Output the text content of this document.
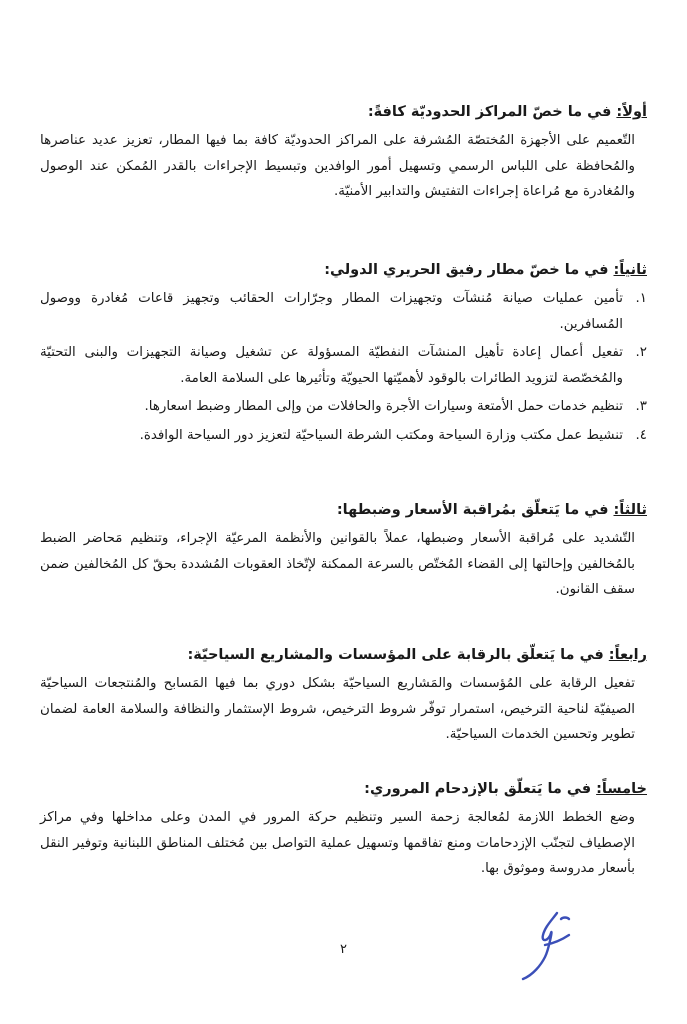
أولاً: في ما خصّ المراكز الحدوديّة كافةً:

التّعميم على الأجهزة المُختصّة المُشرفة على المراكز الحدوديّة كافة بما فيها المطار، تعزيز عديد عناصرها والمُحافظة على اللباس الرسمي وتسهيل أمور الوافدين وتبسيط الإجراءات بالقدر المُمكن عند الوصول والمُغادرة مع مُراعاة إجراءات التفتيش والتدابير الأمنيّة.

ثانياً: في ما خصّ مطار رفيق الحريري الدولي:
١.
تأمين عمليات صيانة مُنشآت وتجهيزات المطار وجرّارات الحقائب وتجهيز قاعات مُغادرة ووصول المُسافرين.
٢.
تفعيل أعمال إعادة تأهيل المنشآت النفطيّة المسؤولة عن تشغيل وصيانة التجهيزات والبنى التحتيّة والمُخصّصة لتزويد الطائرات بالوقود لأهميّتها الحيويّة وتأثيرها على السلامة العامة.
٣.
تنظيم خدمات حمل الأمتعة وسيارات الأجرة والحافلات من وإلى المطار وضبط اسعارها.
٤.
تنشيط عمل مكتب وزارة السياحة ومكتب الشرطة السياحيّة لتعزيز دور السياحة الوافدة.
ثالثاً: في ما يَتعلّق بمُراقبة الأسعار وضبطها:

التّشديد على مُراقبة الأسعار وضبطها، عملاً بالقوانين والأنظمة المرعيّة الإجراء، وتنظيم مَحاضر الضبط بالمُخالفين وإحالتها إلى القضاء المُختّص بالسرعة الممكنة لإتّخاذ العقوبات المُشددة بحقّ كل المُخالفين ضمن سقف القانون.

رابعاً: في ما يَتعلّق بالرقابة على المؤسسات والمشاريع السياحيّة:

تفعيل الرقابة على المُؤسسات والمَشاريع السياحيّة بشكل دوري بما فيها المَسابح والمُنتجعات السياحيّة الصيفيّة لناحية الترخيص، استمرار توفّر شروط الترخيص، شروط الإستثمار والنظافة والسلامة العامة لضمان تطوير وتحسين الخدمات السياحيّة.

خامساً: في ما يَتعلّق بالإزدحام المروري:

وضع الخطط اللازمة لمُعالجة زحمة السير وتنظيم حركة المرور في المدن وعلى مداخلها وفي مراكز الإصطياف لتجنّب الإزدحامات ومنع تفاقمها وتسهيل عملية التواصل بين مُختلف المناطق اللبنانية وتوفير النقل بأسعار مدروسة وموثوق بها.

٢
